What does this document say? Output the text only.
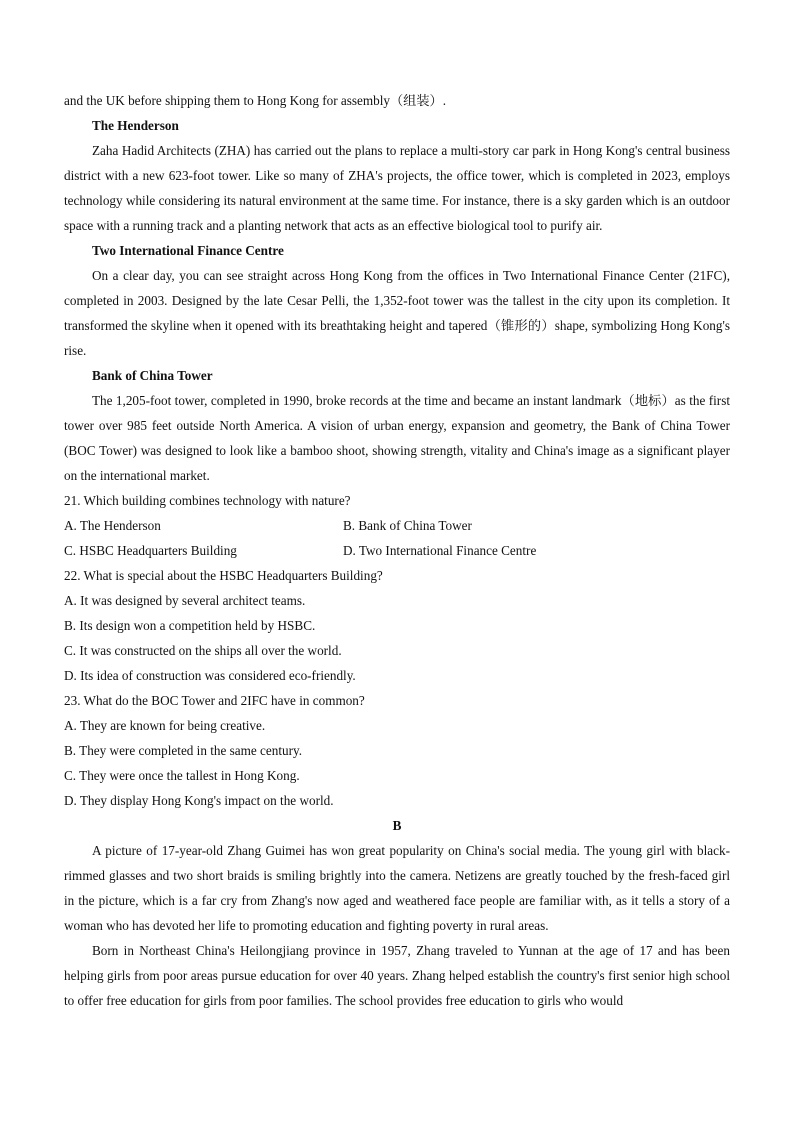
and the UK before shipping them to Hong Kong for assembly（组装）.

The Henderson

Zaha Hadid Architects (ZHA) has carried out the plans to replace a multi-story car park in Hong Kong's central business district with a new 623-foot tower. Like so many of ZHA's projects, the office tower, which is completed in 2023, employs technology while considering its natural environment at the same time. For instance, there is a sky garden which is an outdoor space with a running track and a planting network that acts as an effective biological tool to purify air.

Two International Finance Centre

On a clear day, you can see straight across Hong Kong from the offices in Two International Finance Center (21FC), completed in 2003. Designed by the late Cesar Pelli, the 1,352-foot tower was the tallest in the city upon its completion. It transformed the skyline when it opened with its breathtaking height and tapered（锥形的）shape, symbolizing Hong Kong's rise.

Bank of China Tower

The 1,205-foot tower, completed in 1990, broke records at the time and became an instant landmark（地标）as the first tower over 985 feet outside North America. A vision of urban energy, expansion and geometry, the Bank of China Tower (BOC Tower) was designed to look like a bamboo shoot, showing strength, vitality and China's image as a significant player on the international market.

21. Which building combines technology with nature?
A. The Henderson	B. Bank of China Tower
C. HSBC Headquarters Building	D. Two International Finance Centre
22. What is special about the HSBC Headquarters Building?
A. It was designed by several architect teams.
B. Its design won a competition held by HSBC.
C. It was constructed on the ships all over the world.
D. Its idea of construction was considered eco-friendly.
23. What do the BOC Tower and 2IFC have in common?
A. They are known for being creative.
B. They were completed in the same century.
C. They were once the tallest in Hong Kong.
D. They display Hong Kong's impact on the world.
B

A picture of 17-year-old Zhang Guimei has won great popularity on China's social media. The young girl with black-rimmed glasses and two short braids is smiling brightly into the camera. Netizens are greatly touched by the fresh-faced girl in the picture, which is a far cry from Zhang's now aged and weathered face people are familiar with, as it tells a story of a woman who has devoted her life to promoting education and fighting poverty in rural areas.

Born in Northeast China's Heilongjiang province in 1957, Zhang traveled to Yunnan at the age of 17 and has been helping girls from poor areas pursue education for over 40 years. Zhang helped establish the country's first senior high school to offer free education for girls from poor families. The school provides free education to girls who would
